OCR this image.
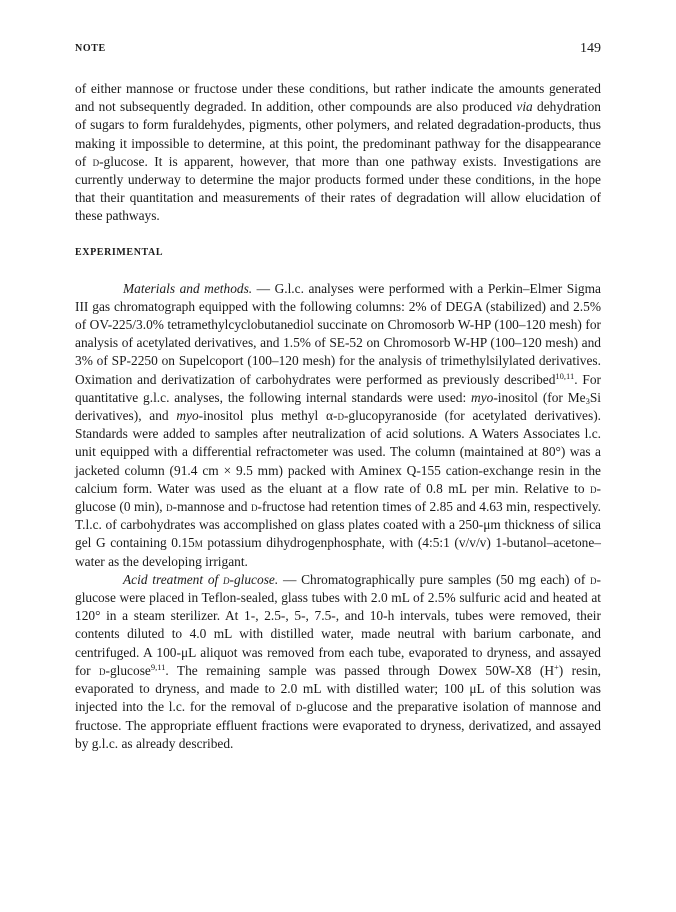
NOTE	149

of either mannose or fructose under these conditions, but rather indicate the amounts generated and not subsequently degraded. In addition, other compounds are also produced via dehydration of sugars to form furaldehydes, pigments, other polymers, and related degradation-products, thus making it impossible to determine, at this point, the predominant pathway for the disappearance of d-glucose. It is apparent, however, that more than one pathway exists. Investigations are currently underway to determine the major products formed under these conditions, in the hope that their quantitation and measurements of their rates of degradation will allow elucidation of these pathways.

EXPERIMENTAL

Materials and methods. — G.l.c. analyses were performed with a Perkin–Elmer Sigma III gas chromatograph equipped with the following columns: 2% of DEGA (stabilized) and 2.5% of OV-225/3.0% tetramethylcyclobutanediol succinate on Chromosorb W-HP (100–120 mesh) for analysis of acetylated derivatives, and 1.5% of SE-52 on Chromosorb W-HP (100–120 mesh) and 3% of SP-2250 on Supelcoport (100–120 mesh) for the analysis of trimethylsilylated derivatives. Oximation and derivatization of carbohydrates were performed as previously described$^{10,11}$. For quantitative g.l.c. analyses, the following internal standards were used: myo-inositol (for $Me_3Si$ derivatives), and myo-inositol plus methyl α-d-glucopyranoside (for acetylated derivatives). Standards were added to samples after neutralization of acid solutions. A Waters Associates l.c. unit equipped with a differential refractometer was used. The column (maintained at 80°) was a jacketed column (91.4 cm × 9.5 mm) packed with Aminex Q-155 cation-exchange resin in the calcium form. Water was used as the eluant at a flow rate of 0.8 mL per min. Relative to d-glucose (0 min), d-mannose and d-fructose had retention times of 2.85 and 4.63 min, respectively. T.l.c. of carbohydrates was accomplished on glass plates coated with a 250-μm thickness of silica gel G containing 0.15m potassium dihydrogenphosphate, with (4:5:1 (v/v/v) 1-butanol–acetone–water as the developing irrigant.

Acid treatment of d-glucose. — Chromatographically pure samples (50 mg each) of d-glucose were placed in Teflon-sealed, glass tubes with 2.0 mL of 2.5% sulfuric acid and heated at 120° in a steam sterilizer. At 1-, 2.5-, 5-, 7.5-, and 10-h intervals, tubes were removed, their contents diluted to 4.0 mL with distilled water, made neutral with barium carbonate, and centrifuged. A 100-μL aliquot was removed from each tube, evaporated to dryness, and assayed for d-glucose$^{9,11}$. The remaining sample was passed through Dowex 50W-X8 (H+) resin, evaporated to dryness, and made to 2.0 mL with distilled water; 100 μL of this solution was injected into the l.c. for the removal of d-glucose and the preparative isolation of mannose and fructose. The appropriate effluent fractions were evaporated to dryness, derivatized, and assayed by g.l.c. as already described.
